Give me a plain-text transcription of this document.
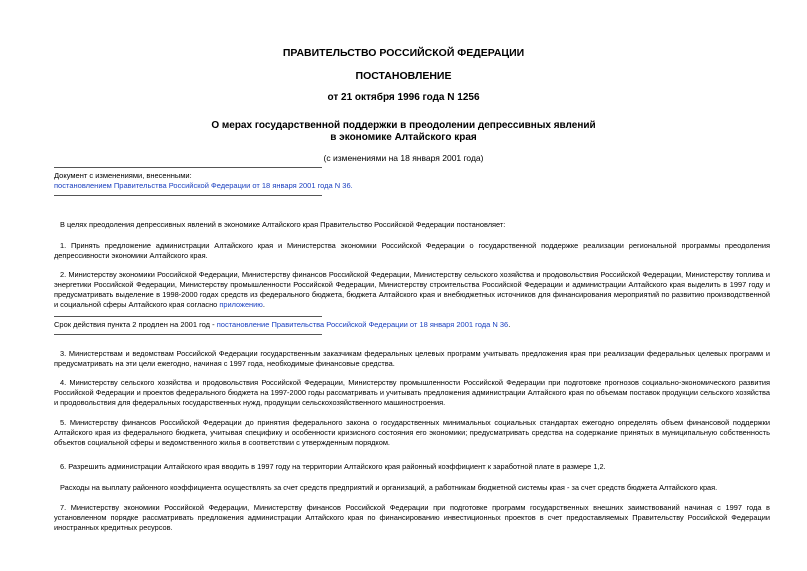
ПРАВИТЕЛЬСТВО РОССИЙСКОЙ ФЕДЕРАЦИИ
ПОСТАНОВЛЕНИЕ
от 21 октября 1996 года N 1256
О мерах государственной поддержки в преодолении депрессивных явлений
в экономике Алтайского края
(с изменениями на 18 января 2001 года)
Документ с изменениями, внесенными:
постановлением Правительства Российской Федерации от 18 января 2001 года N 36.
В целях преодоления депрессивных явлений в экономике Алтайского края Правительство Российской Федерации постановляет:
1. Принять предложение администрации Алтайского края и Министерства экономики Российской Федерации о государственной поддержке реализации региональной программы преодоления депрессивности экономики Алтайского края.
2. Министерству экономики Российской Федерации, Министерству финансов Российской Федерации, Министерству сельского хозяйства и продовольствия Российской Федерации, Министерству топлива и энергетики Российской Федерации, Министерству промышленности Российской Федерации, Министерству строительства Российской Федерации и администрации Алтайского края выделить в 1997 году и предусматривать выделение в 1998-2000 годах средств из федерального бюджета, бюджета Алтайского края и внебюджетных источников для финансирования мероприятий по развитию производственной и социальной сферы Алтайского края согласно приложению.
Срок действия пункта 2 продлен на 2001 год - постановление Правительства Российской Федерации от 18 января 2001 года N 36.
3. Министерствам и ведомствам Российской Федерации государственным заказчикам федеральных целевых программ учитывать предложения края при реализации федеральных целевых программ и предусматривать на эти цели ежегодно, начиная с 1997 года, необходимые финансовые средства.
4. Министерству сельского хозяйства и продовольствия Российской Федерации, Министерству промышленности Российской Федерации при подготовке прогнозов социально-экономического развития Российской Федерации и проектов федерального бюджета на 1997-2000 годы рассматривать и учитывать предложения администрации Алтайского края по объемам поставок продукции сельского хозяйства и продовольствия для федеральных государственных нужд, продукции сельскохозяйственного машиностроения.
5. Министерству финансов Российской Федерации до принятия федерального закона о государственных минимальных социальных стандартах ежегодно определять объем финансовой поддержки Алтайского края из федерального бюджета, учитывая специфику и особенности кризисного состояния его экономики; предусматривать средства на содержание принятых в муниципальную собственность объектов социальной сферы и ведомственного жилья в соответствии с утвержденным порядком.
6. Разрешить администрации Алтайского края вводить в 1997 году на территории Алтайского края районный коэффициент к заработной плате в размере 1,2.
Расходы на выплату районного коэффициента осуществлять за счет средств предприятий и организаций, а работникам бюджетной системы края - за счет средств бюджета Алтайского края.
7. Министерству экономики Российской Федерации, Министерству финансов Российской Федерации при подготовке программ государственных внешних заимствований начиная с 1997 года в установленном порядке рассматривать предложения администрации Алтайского края по финансированию инвестиционных проектов в счет предоставляемых Правительству Российской Федерации иностранных кредитных ресурсов.
